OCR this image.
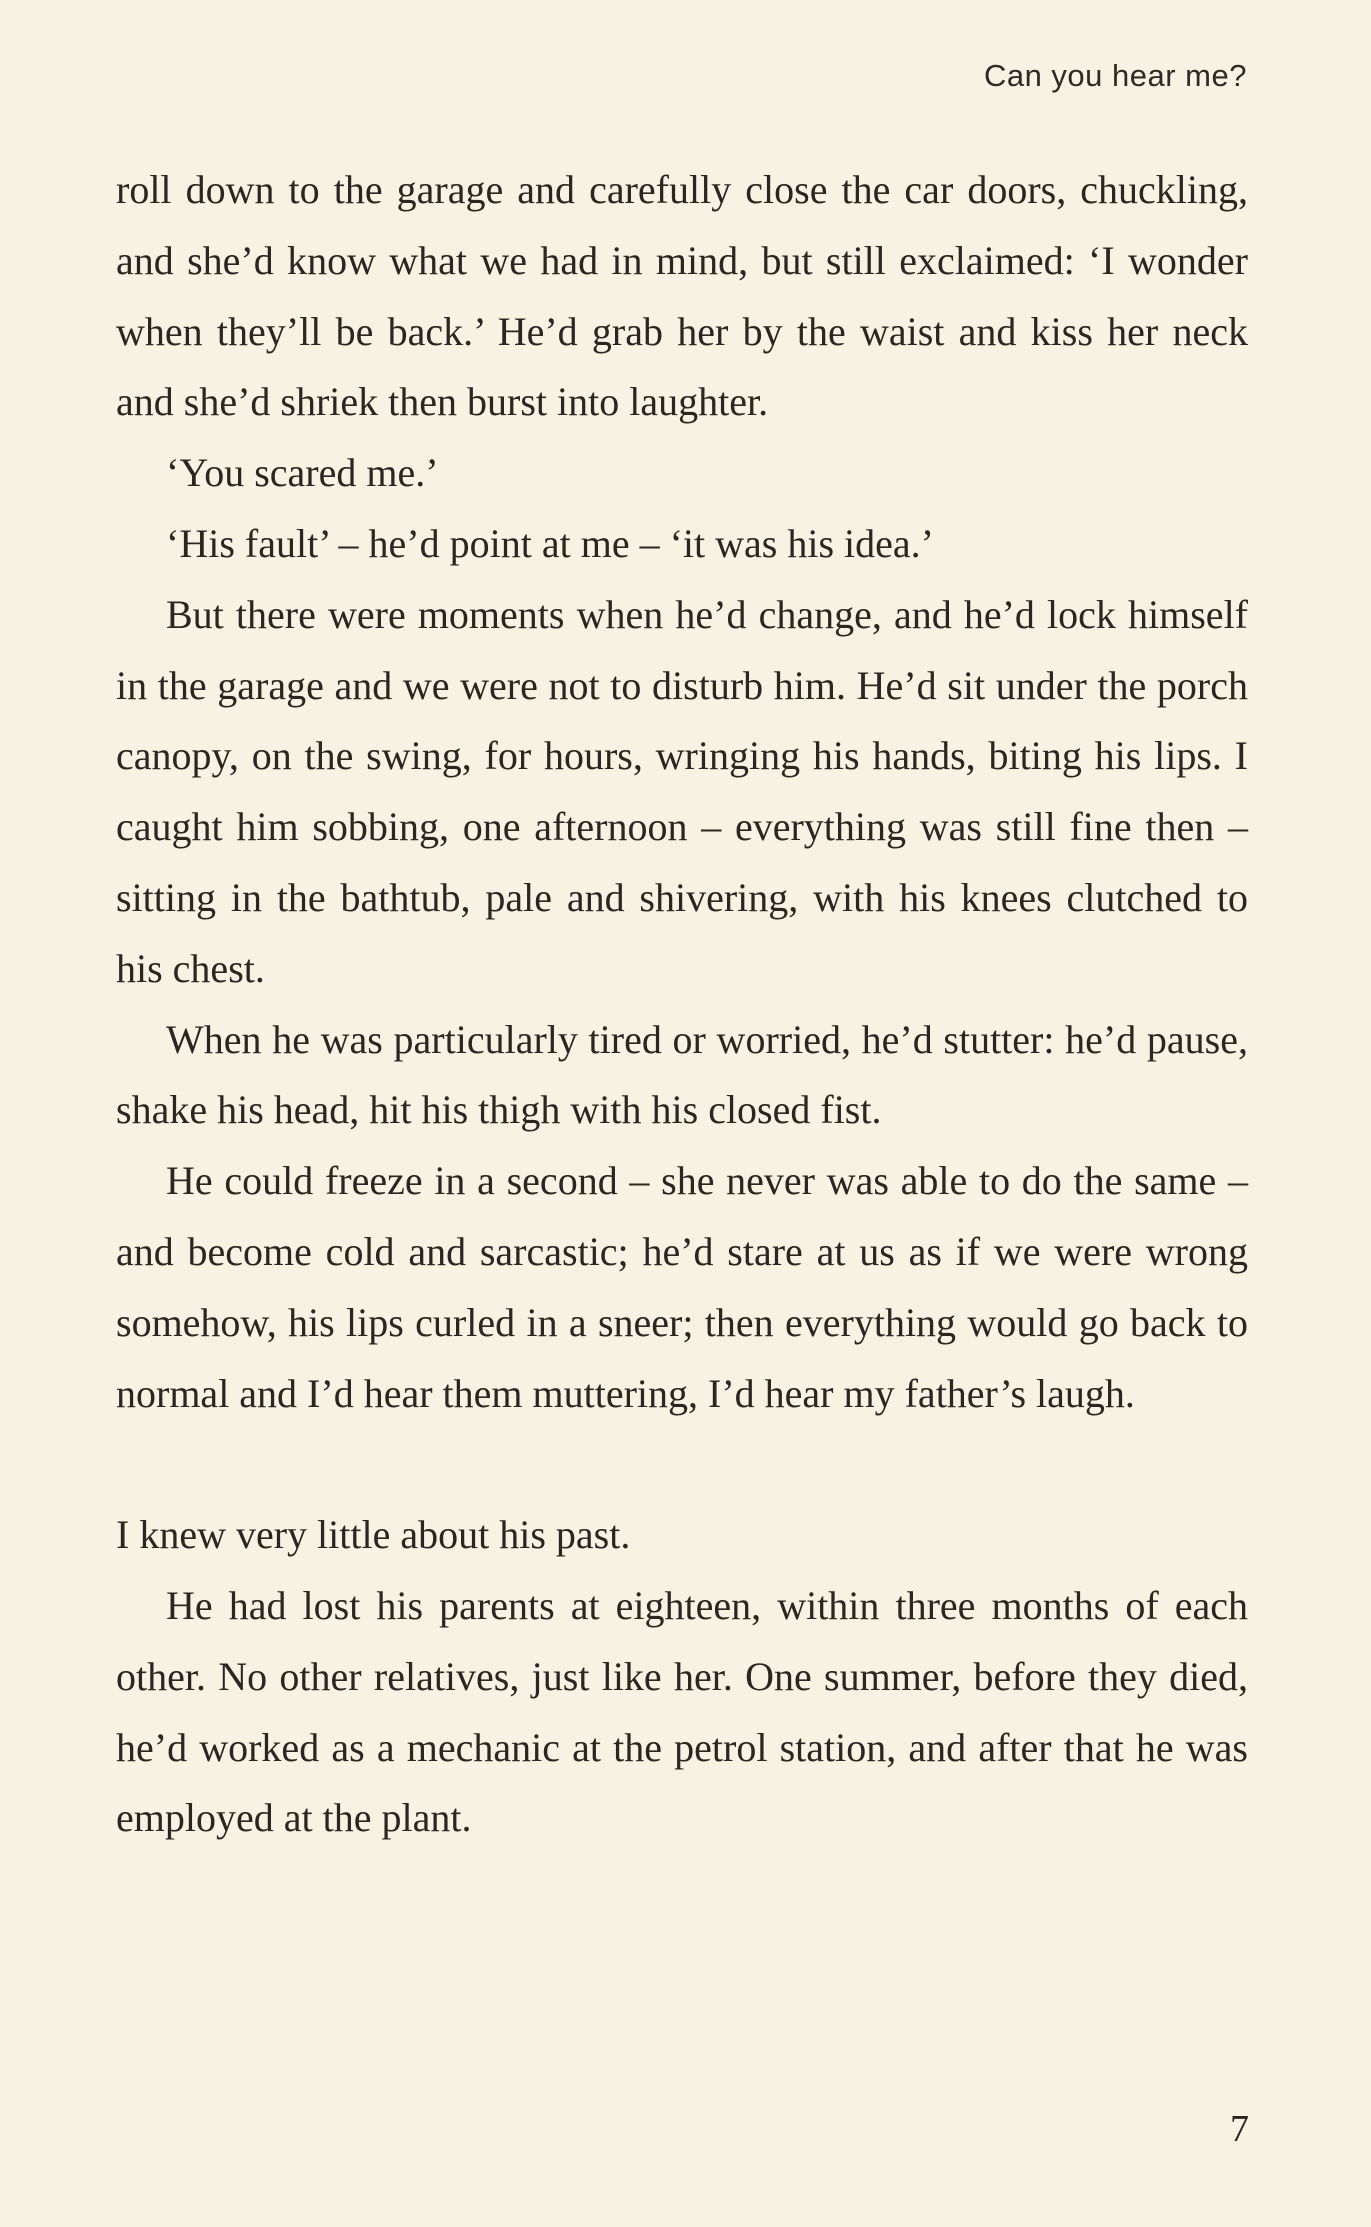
Can you hear me?

roll down to the garage and carefully close the car doors, chuckling, and she’d know what we had in mind, but still exclaimed: ‘I wonder when they’ll be back.’ He’d grab her by the waist and kiss her neck and she’d shriek then burst into laughter.

‘You scared me.’

‘His fault’ – he’d point at me – ‘it was his idea.’

But there were moments when he’d change, and he’d lock himself in the garage and we were not to disturb him. He’d sit under the porch canopy, on the swing, for hours, wringing his hands, biting his lips. I caught him sobbing, one afternoon – everything was still fine then – sitting in the bathtub, pale and shivering, with his knees clutched to his chest.

When he was particularly tired or worried, he’d stutter: he’d pause, shake his head, hit his thigh with his closed fist.

He could freeze in a second – she never was able to do the same – and become cold and sarcastic; he’d stare at us as if we were wrong somehow, his lips curled in a sneer; then everything would go back to normal and I’d hear them muttering, I’d hear my father’s laugh.

I knew very little about his past.

He had lost his parents at eighteen, within three months of each other. No other relatives, just like her. One summer, before they died, he’d worked as a mechanic at the petrol station, and after that he was employed at the plant.

7
